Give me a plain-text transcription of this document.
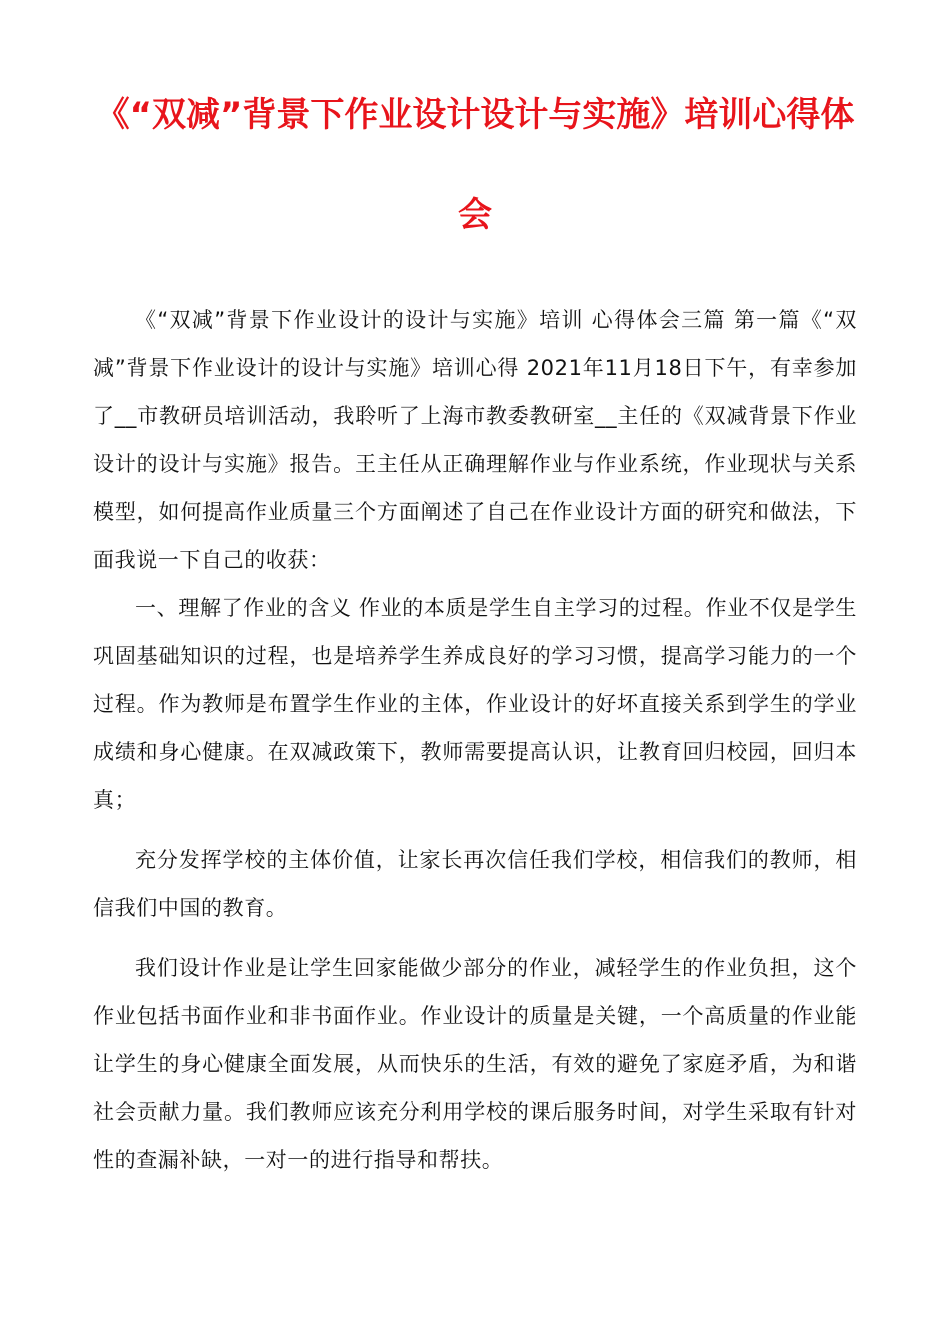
《“双减”背景下作业设计设计与实施》培训心得体
会

《“双减”背景下作业设计的设计与实施》培训 心得体会三篇 第一篇《“双减”背景下作业设计的设计与实施》培训心得 2021年11月18日下午，有幸参加了__市教研员培训活动，我聆听了上海市教委教研室__主任的《双减背景下作业设计的设计与实施》报告。王主任从正确理解作业与作业系统，作业现状与关系模型，如何提高作业质量三个方面阐述了自己在作业设计方面的研究和做法，下面我说一下自己的收获：

一、理解了作业的含义 作业的本质是学生自主学习的过程。作业不仅是学生巩固基础知识的过程，也是培养学生养成良好的学习习惯，提高学习能力的一个过程。作为教师是布置学生作业的主体，作业设计的好坏直接关系到学生的学业成绩和身心健康。在双减政策下，教师需要提高认识，让教育回归校园，回归本真；

充分发挥学校的主体价值，让家长再次信任我们学校，相信我们的教师，相信我们中国的教育。

我们设计作业是让学生回家能做少部分的作业，减轻学生的作业负担，这个作业包括书面作业和非书面作业。作业设计的质量是关键，一个高质量的作业能让学生的身心健康全面发展，从而快乐的生活，有效的避免了家庭矛盾，为和谐社会贡献力量。我们教师应该充分利用学校的课后服务时间，对学生采取有针对性的查漏补缺，一对一的进行指导和帮扶。
